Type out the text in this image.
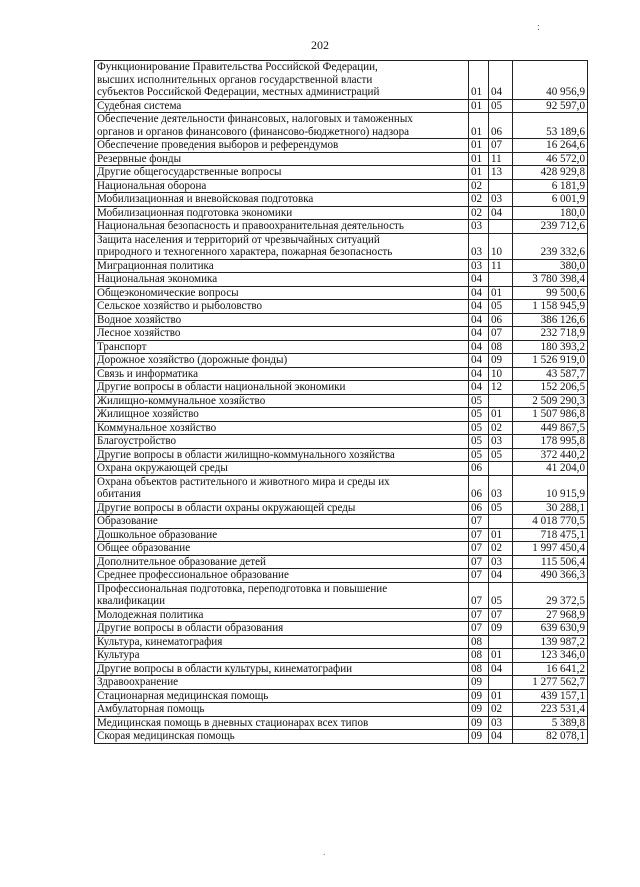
202
:
Функционирование Правительства Российской Федерации,
высших исполнительных органов государственной власти
субъектов Российской Федерации, местных администраций	01	04	40 956,9
Судебная система	01	05	92 597,0
Обеспечение деятельности финансовых, налоговых и таможенных
органов и органов финансового (финансово-бюджетного) надзора	01	06	53 189,6
Обеспечение проведения выборов и референдумов	01	07	16 264,6
Резервные фонды	01	11	46 572,0
Другие общегосударственные вопросы	01	13	428 929,8
Национальная оборона	02		6 181,9
Мобилизационная и вневойсковая подготовка	02	03	6 001,9
Мобилизационная подготовка экономики	02	04	180,0
Национальная безопасность и правоохранительная деятельность	03		239 712,6
Защита населения и территорий от чрезвычайных ситуаций
природного и техногенного характера, пожарная безопасность	03	10	239 332,6
Миграционная политика	03	11	380,0
Национальная экономика	04		3 780 398,4
Общеэкономические вопросы	04	01	99 500,6
Сельское хозяйство и рыболовство	04	05	1 158 945,9
Водное хозяйство	04	06	386 126,6
Лесное хозяйство	04	07	232 718,9
Транспорт	04	08	180 393,2
Дорожное хозяйство (дорожные фонды)	04	09	1 526 919,0
Связь и информатика	04	10	43 587,7
Другие вопросы в области национальной экономики	04	12	152 206,5
Жилищно-коммунальное хозяйство	05		2 509 290,3
Жилищное хозяйство	05	01	1 507 986,8
Коммунальное хозяйство	05	02	449 867,5
Благоустройство	05	03	178 995,8
Другие вопросы в области жилищно-коммунального хозяйства	05	05	372 440,2
Охрана окружающей среды	06		41 204,0
Охрана объектов растительного и животного мира и среды их
обитания	06	03	10 915,9
Другие вопросы в области охраны окружающей среды	06	05	30 288,1
Образование	07		4 018 770,5
Дошкольное образование	07	01	718 475,1
Общее образование	07	02	1 997 450,4
Дополнительное образование детей	07	03	115 506,4
Среднее профессиональное образование	07	04	490 366,3
Профессиональная подготовка, переподготовка и повышение
квалификации	07	05	29 372,5
Молодежная политика	07	07	27 968,9
Другие вопросы в области образования	07	09	639 630,9
Культура, кинематография	08		139 987,2
Культура	08	01	123 346,0
Другие вопросы в области культуры, кинематографии	08	04	16 641,2
Здравоохранение	09		1 277 562,7
Стационарная медицинская помощь	09	01	439 157,1
Амбулаторная помощь	09	02	223 531,4
Медицинская помощь в дневных стационарах всех типов	09	03	5 389,8
Скорая медицинская помощь	09	04	82 078,1
.
